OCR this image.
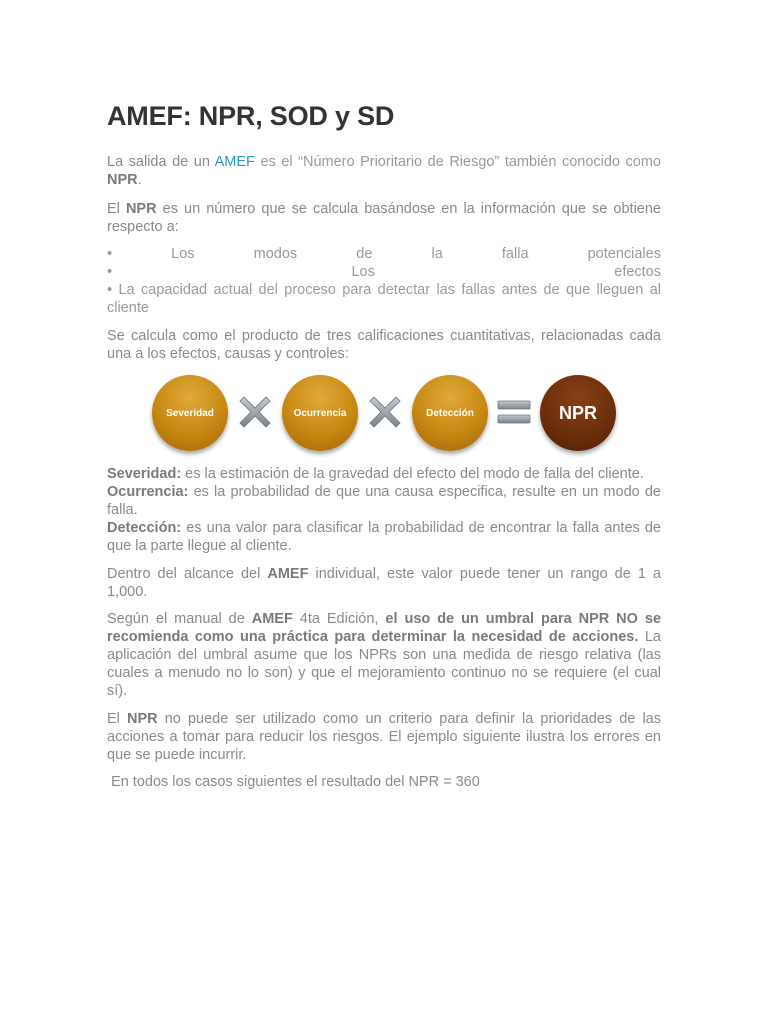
AMEF: NPR, SOD y SD

La salida de un AMEF es el “Número Prioritario de Riesgo” también conocido como NPR.

El NPR es un número que se calcula basándose en la información que se obtiene respecto a:

•	Los	modos	de	la	falla	potenciales
•	Los	efectos
• La capacidad actual del proceso para detectar las fallas antes de que lleguen al cliente

Se calcula como el producto de tres calificaciones cuantitativas, relacionadas cada una a los efectos, causas y controles:

Severidad	Ocurrencia	Detección	NPR
Severidad: es la estimación de la gravedad del efecto del modo de falla del cliente.
Ocurrencia: es la probabilidad de que una causa especifica, resulte en un modo de falla.
Detección: es una valor para clasificar la probabilidad de encontrar la falla antes de que la parte llegue al cliente.

Dentro del alcance del AMEF individual, este valor puede tener un rango de 1 a 1,000.

Según el manual de AMEF 4ta Edición, el uso de un umbral para NPR NO se recomienda como una práctica para determinar la necesidad de acciones. La aplicación del umbral asume que los NPRs son una medida de riesgo relativa (las cuales a menudo no lo son) y que el mejoramiento continuo no se requiere (el cual sí).

El NPR no puede ser utilizado como un criterio para definir la prioridades de las acciones a tomar para reducir los riesgos. El ejemplo siguiente ilustra los errores en que se puede incurrir.

En todos los casos siguientes el resultado del NPR = 360
